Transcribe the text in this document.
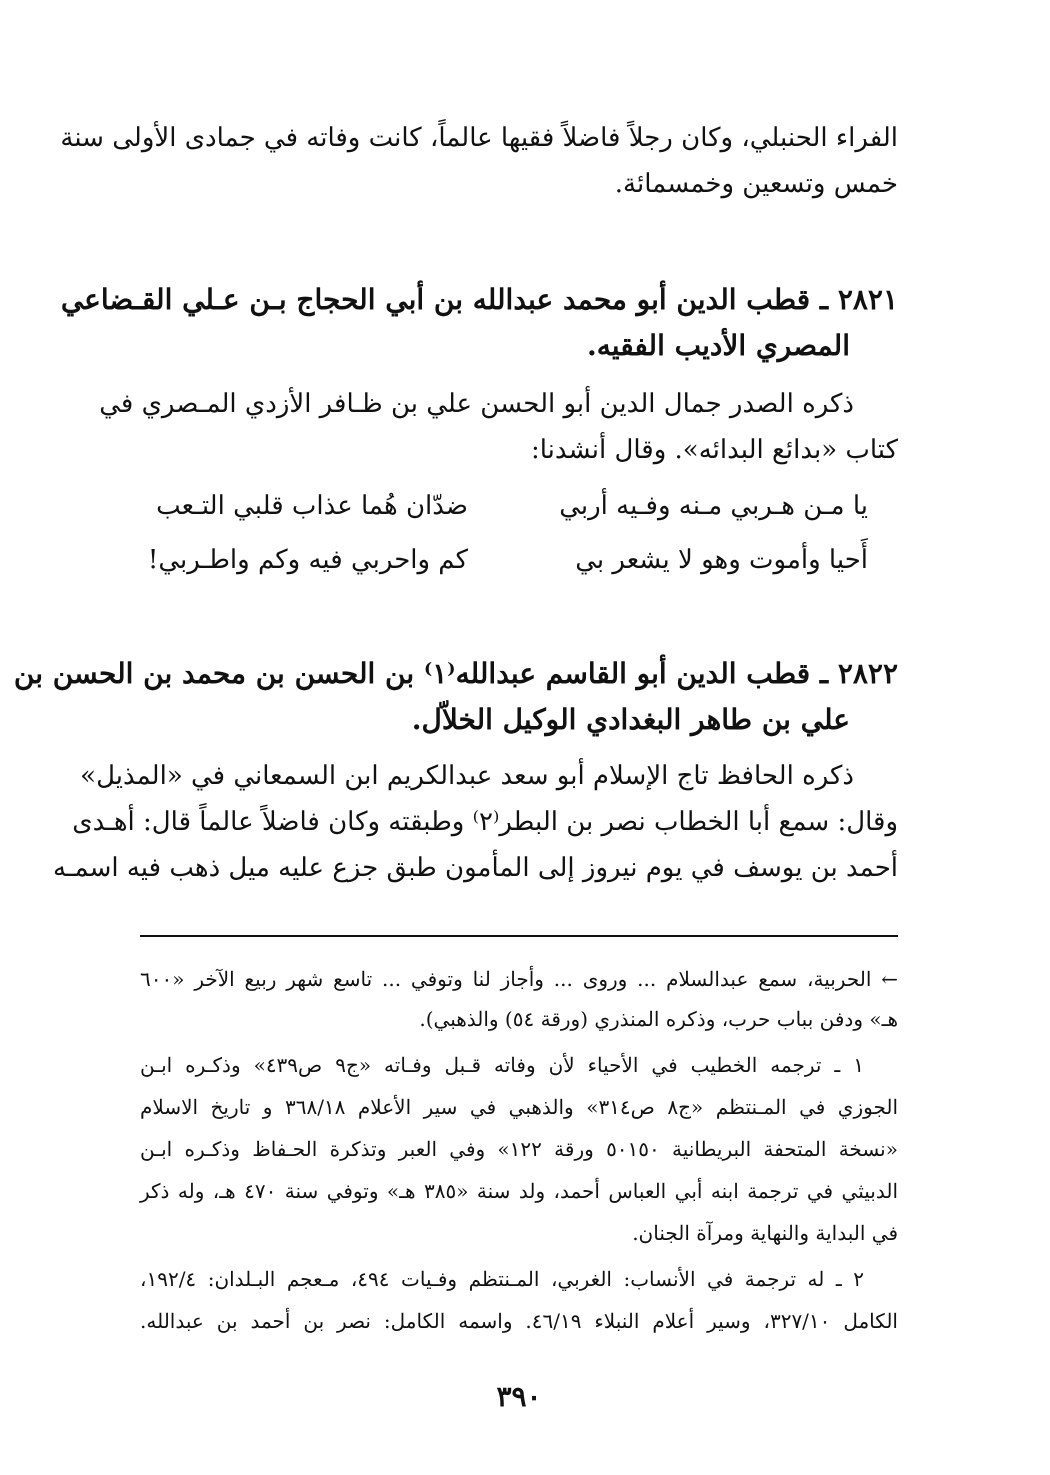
الفراء الحنبلي، وكان رجلاً فاضلاً فقيها عالماً، كانت وفاته في جمادى الأولى سنة
خمس وتسعين وخمسمائة.
٢٨٢١ ـ قطب الدين أبو محمد عبدالله بن أبي الحجاج بـن عـلي القـضاعي
المصري الأديب الفقيه.
ذكره الصدر جمال الدين أبو الحسن علي بن ظـافر الأزدي المـصري في
كتاب «بدائع البدائه». وقال أنشدنا:
يا مـن هـربي مـنه وفـيه أربي
ضدّان هُما عذاب قلبي التـعب
أَحيا وأموت وهو لا يشعر بي
كم واحربي فيه وكم واطـربي!
٢٨٢٢ ـ قطب الدين أبو القاسم عبدالله⁽١⁾ بن الحسن بن محمد بن الحسن بن
علي بن طاهر البغدادي الوكيل الخلاّل.
ذكره الحافظ تاج الإسلام أبو سعد عبدالكريم ابن السمعاني في «المذيل»
وقال: سمع أبا الخطاب نصر بن البطر⁽٢⁾ وطبقته وكان فاضلاً عالماً قال: أهـدى
أحمد بن يوسف في يوم نيروز إلى المأمون طبق جزع عليه ميل ذهب فيه اسمـه
← الحربية، سمع عبدالسلام ... وروى ... وأجاز لنا وتوفي ... تاسع شهر ربيع الآخر «٦٠٠
هـ» ودفن بباب حرب، وذكره المنذري (ورقة ٥٤) والذهبي).
١ ـ ترجمه الخطيب في الأحياء لأن وفاته قـبل وفـاته «ج٩ ص٤٣٩» وذكـره ابـن
الجوزي في المـنتظم «ج٨ ص٣١٤» والذهبي في سير الأعلام ٣٦٨/١٨ و تاريخ الاسلام
«نسخة المتحفة البريطانية ٥٠١٥٠ ورقة ١٢٢» وفي العبر وتذكرة الحـفاظ وذكـره ابـن
الدبيثي في ترجمة ابنه أبي العباس أحمد، ولد سنة «٣٨٥ هـ» وتوفي سنة ٤٧٠ هـ، وله ذكر
في البداية والنهاية ومرآة الجنان.
٢ ـ له ترجمة في الأنساب: الغربي، المـنتظم وفـيات ٤٩٤، مـعجم البـلدان: ١٩٢/٤،
الكامل ٣٢٧/١٠، وسير أعلام النبلاء ٤٦/١٩. واسمه الكامل: نصر بن أحمد بن عبدالله.
٣٩٠
